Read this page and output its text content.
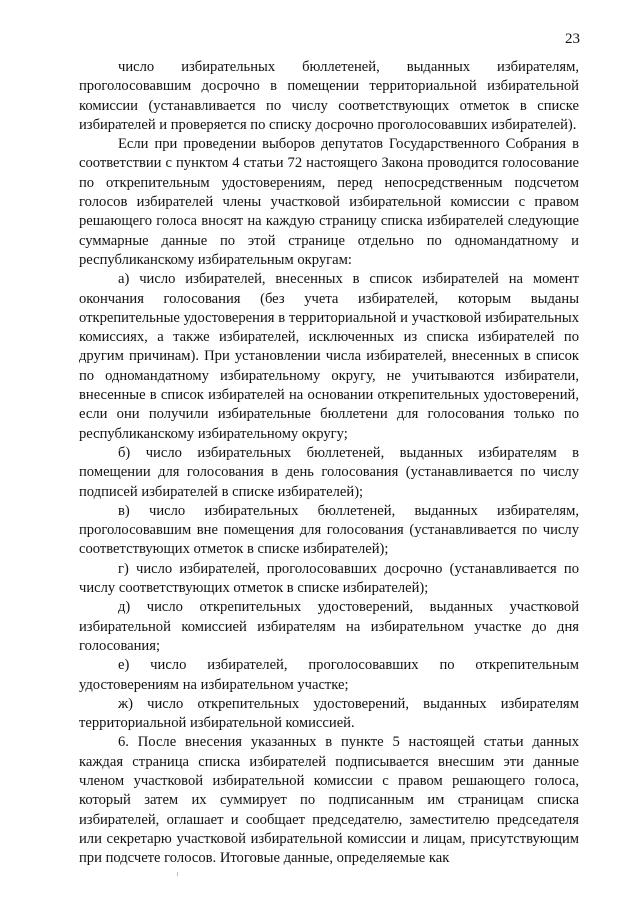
23

число избирательных бюллетеней, выданных избирателям, проголосовавшим досрочно в помещении территориальной избирательной комиссии (устанавливается по числу соответствующих отметок в списке избирателей и проверяется по списку досрочно проголосовавших избирателей).

Если при проведении выборов депутатов Государственного Собрания в соответствии с пунктом 4 статьи 72 настоящего Закона проводится голосование по открепительным удостоверениям, перед непосредственным подсчетом голосов избирателей члены участковой избирательной комиссии с правом решающего голоса вносят на каждую страницу списка избирателей следующие суммарные данные по этой странице отдельно по одномандатному и республиканскому избирательным округам:

а) число избирателей, внесенных в список избирателей на момент окончания голосования (без учета избирателей, которым выданы открепительные удостоверения в территориальной и участковой избирательных комиссиях, а также избирателей, исключенных из списка избирателей по другим причинам). При установлении числа избирателей, внесенных в список по одномандатному избирательному округу, не учитываются избиратели, внесенные в список избирателей на основании открепительных удостоверений, если они получили избирательные бюллетени для голосования только по республиканскому избирательному округу;

б) число избирательных бюллетеней, выданных избирателям в помещении для голосования в день голосования (устанавливается по числу подписей избирателей в списке избирателей);

в) число избирательных бюллетеней, выданных избирателям, проголосовавшим вне помещения для голосования (устанавливается по числу соответствующих отметок в списке избирателей);

г) число избирателей, проголосовавших досрочно (устанавливается по числу соответствующих отметок в списке избирателей);

д) число открепительных удостоверений, выданных участковой избирательной комиссией избирателям на избирательном участке до дня голосования;

е) число избирателей, проголосовавших по открепительным удостоверениям на избирательном участке;

ж) число открепительных удостоверений, выданных избирателям территориальной избирательной комиссией.

6. После внесения указанных в пункте 5 настоящей статьи данных каждая страница списка избирателей подписывается внесшим эти данные членом участковой избирательной комиссии с правом решающего голоса, который затем их суммирует по подписанным им страницам списка избирателей, оглашает и сообщает председателю, заместителю председателя или секретарю участковой избирательной комиссии и лицам, присутствующим при подсчете голосов. Итоговые данные, определяемые как
